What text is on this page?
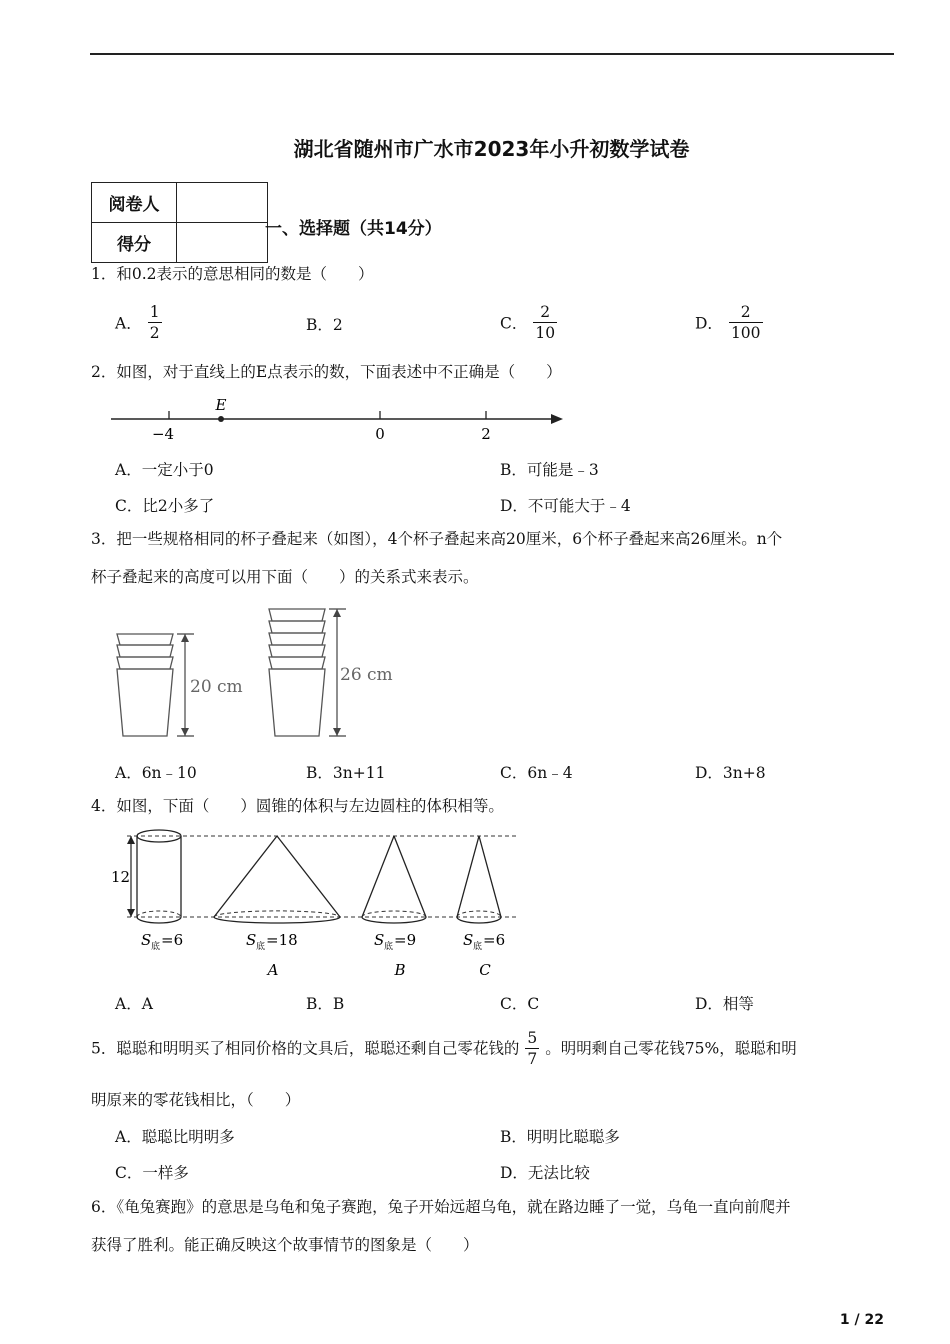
湖北省随州市广水市2023年小升初数学试卷
阅卷人	
得分	
一、选择题（共14分）
1．和0.2表示的意思相同的数是（　　）
A． $\frac{1}{2}$	B．2	C． $\frac{2}{10}$	D． $\frac{2}{100}$
2．如图，对于直线上的E点表示的数，下面表述中不正确是（　　）
E
−4	0	2
A．一定小于0	B．可能是﹣3
C．比2小多了	D．不可能大于﹣4
3．把一些规格相同的杯子叠起来（如图），4个杯子叠起来高20厘米，6个杯子叠起来高26厘米。n个
杯子叠起来的高度可以用下面（　　）的关系式来表示。
20 cm
26 cm
A．6n﹣10	B．3n+11	C．6n﹣4	D．3n+8
4．如图，下面（　　）圆锥的体积与左边圆柱的体积相等。
12
S 底 =6	S 底 =18	S 底 =9	S 底 =6
A	B	C
A．A	B．B	C．C	D．相等
5．聪聪和明明买了相同价格的文具后，聪聪还剩自己零花钱的 $\frac{5}{7}$ 。明明剩自己零花钱75%，聪聪和明
明原来的零花钱相比，（　　）
A．聪聪比明明多	B．明明比聪聪多
C．一样多	D．无法比较
6．《龟兔赛跑》的意思是乌龟和兔子赛跑，兔子开始远超乌龟，就在路边睡了一觉，乌龟一直向前爬并
获得了胜利。能正确反映这个故事情节的图象是（　　）
1 / 22
